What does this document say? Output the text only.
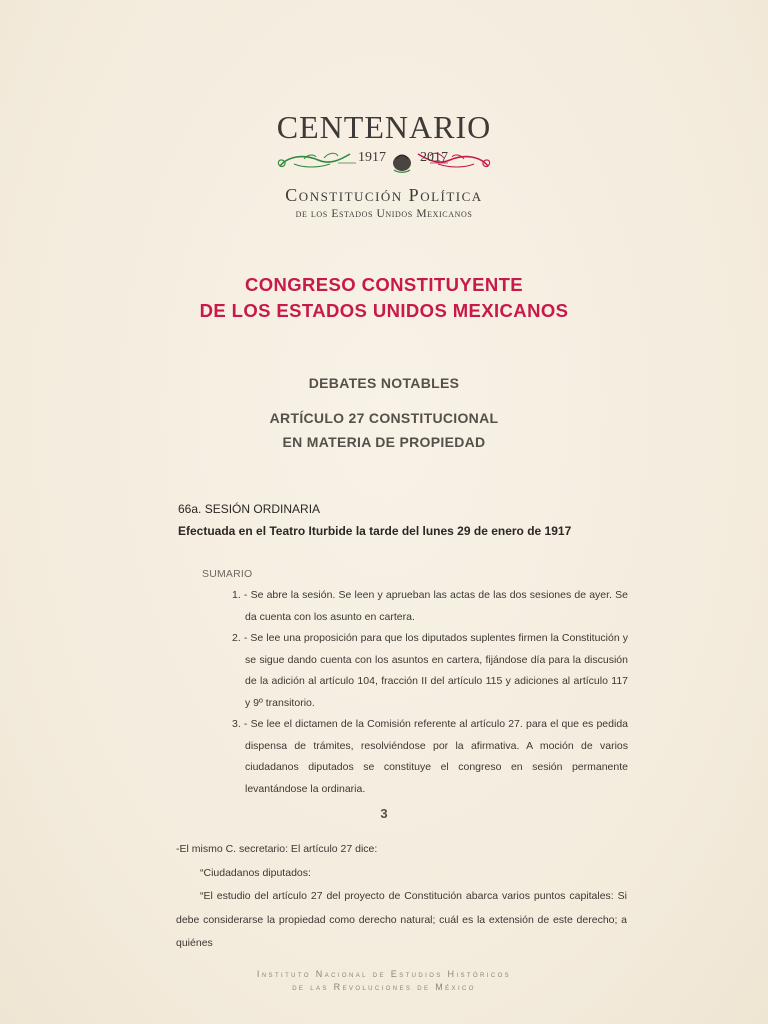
CENTENARIO
1917 2017
Constitución Política
de los Estados Unidos Mexicanos
CONGRESO CONSTITUYENTE
DE LOS ESTADOS UNIDOS MEXICANOS
DEBATES NOTABLES
ARTÍCULO 27 CONSTITUCIONAL
EN MATERIA DE PROPIEDAD
66a. SESIÓN ORDINARIA
Efectuada en el Teatro Iturbide la tarde del lunes 29 de enero de 1917
SUMARIO
1. - Se abre la sesión. Se leen y aprueban las actas de las dos sesiones de ayer. Se da cuenta con los asunto en cartera.
2. - Se lee una proposición para que los diputados suplentes firmen la Constitución y se sigue dando cuenta con los asuntos en cartera, fijándose día para la discusión de la adición al artículo 104, fracción II del artículo 115 y adiciones al artículo 117 y 9º transitorio.
3. - Se lee el dictamen de la Comisión referente al artículo 27. para el que es pedida dispensa de trámites, resolviéndose por la afirmativa. A moción de varios ciudadanos diputados se constituye el congreso en sesión permanente levantándose la ordinaria.
3

-El mismo C. secretario: El artículo 27 dice:

“Ciudadanos diputados:

“El estudio del artículo 27 del proyecto de Constitución abarca varios puntos capitales: Si debe considerarse la propiedad como derecho natural; cuál es la extensión de este derecho; a quiénes

Instituto Nacional de Estudios Históricos
de las Revoluciones de México
